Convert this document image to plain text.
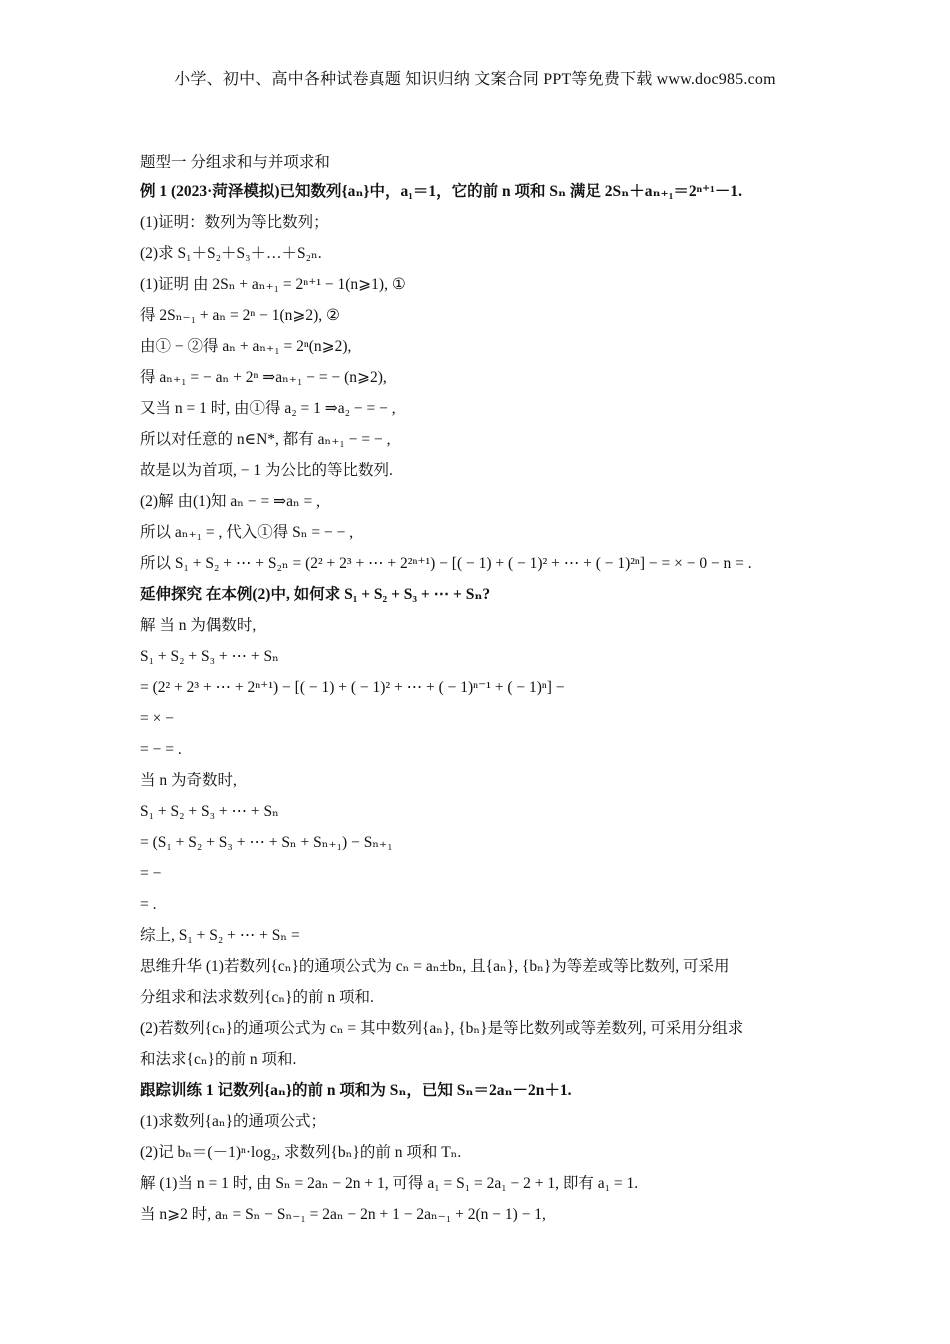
小学、初中、高中各种试卷真题 知识归纳 文案合同 PPT等免费下载 www.doc985.com
题型一 分组求和与并项求和
例 1 (2023·菏泽模拟)已知数列{aₙ}中，a₁＝1，它的前 n 项和 Sₙ 满足 2Sₙ＋aₙ₊₁＝2ⁿ⁺¹－1.
(1)证明：数列为等比数列；
(2)求 S₁＋S₂＋S₃＋…＋S₂ₙ.
(1)证明 由 2Sₙ + aₙ₊₁ = 2ⁿ⁺¹ − 1(n⩾1), ①
得 2Sₙ₋₁ + aₙ = 2ⁿ − 1(n⩾2), ②
由① − ②得 aₙ + aₙ₊₁ = 2ⁿ(n⩾2),
得 aₙ₊₁ = − aₙ + 2ⁿ ⇒aₙ₊₁ − = − (n⩾2),
又当 n = 1 时, 由①得 a₂ = 1 ⇒a₂ − = − ,
所以对任意的 n∈N*, 都有 aₙ₊₁ − = − ,
故是以为首项, − 1 为公比的等比数列.
(2)解 由(1)知 aₙ − = ⇒aₙ = ,
所以 aₙ₊₁ = , 代入①得 Sₙ = − − ,
所以 S₁ + S₂ + ⋯ + S₂ₙ = (2² + 2³ + ⋯ + 2²ⁿ⁺¹) − [( − 1) + ( − 1)² + ⋯ + ( − 1)²ⁿ] − = × − 0 − n = .
延伸探究 在本例(2)中, 如何求 S₁ + S₂ + S₃ + ⋯ + Sₙ?
解 当 n 为偶数时,
S₁ + S₂ + S₃ + ⋯ + Sₙ
= (2² + 2³ + ⋯ + 2ⁿ⁺¹) − [( − 1) + ( − 1)² + ⋯ + ( − 1)ⁿ⁻¹ + ( − 1)ⁿ] −
= × −
= − = .
当 n 为奇数时,
S₁ + S₂ + S₃ + ⋯ + Sₙ
= (S₁ + S₂ + S₃ + ⋯ + Sₙ + Sₙ₊₁) − Sₙ₊₁
= −
= .
综上, S₁ + S₂ + ⋯ + Sₙ =
思维升华 (1)若数列{cₙ}的通项公式为 cₙ = aₙ±bₙ, 且{aₙ}, {bₙ}为等差或等比数列, 可采用
分组求和法求数列{cₙ}的前 n 项和.
(2)若数列{cₙ}的通项公式为 cₙ = 其中数列{aₙ}, {bₙ}是等比数列或等差数列, 可采用分组求
和法求{cₙ}的前 n 项和.
跟踪训练 1 记数列{aₙ}的前 n 项和为 Sₙ，已知 Sₙ＝2aₙ－2n＋1.
(1)求数列{aₙ}的通项公式；
(2)记 bₙ＝(－1)ⁿ·log₂, 求数列{bₙ}的前 n 项和 Tₙ.
解 (1)当 n = 1 时, 由 Sₙ = 2aₙ − 2n + 1, 可得 a₁ = S₁ = 2a₁ − 2 + 1, 即有 a₁ = 1.
当 n⩾2 时, aₙ = Sₙ − Sₙ₋₁ = 2aₙ − 2n + 1 − 2aₙ₋₁ + 2(n − 1) − 1,
